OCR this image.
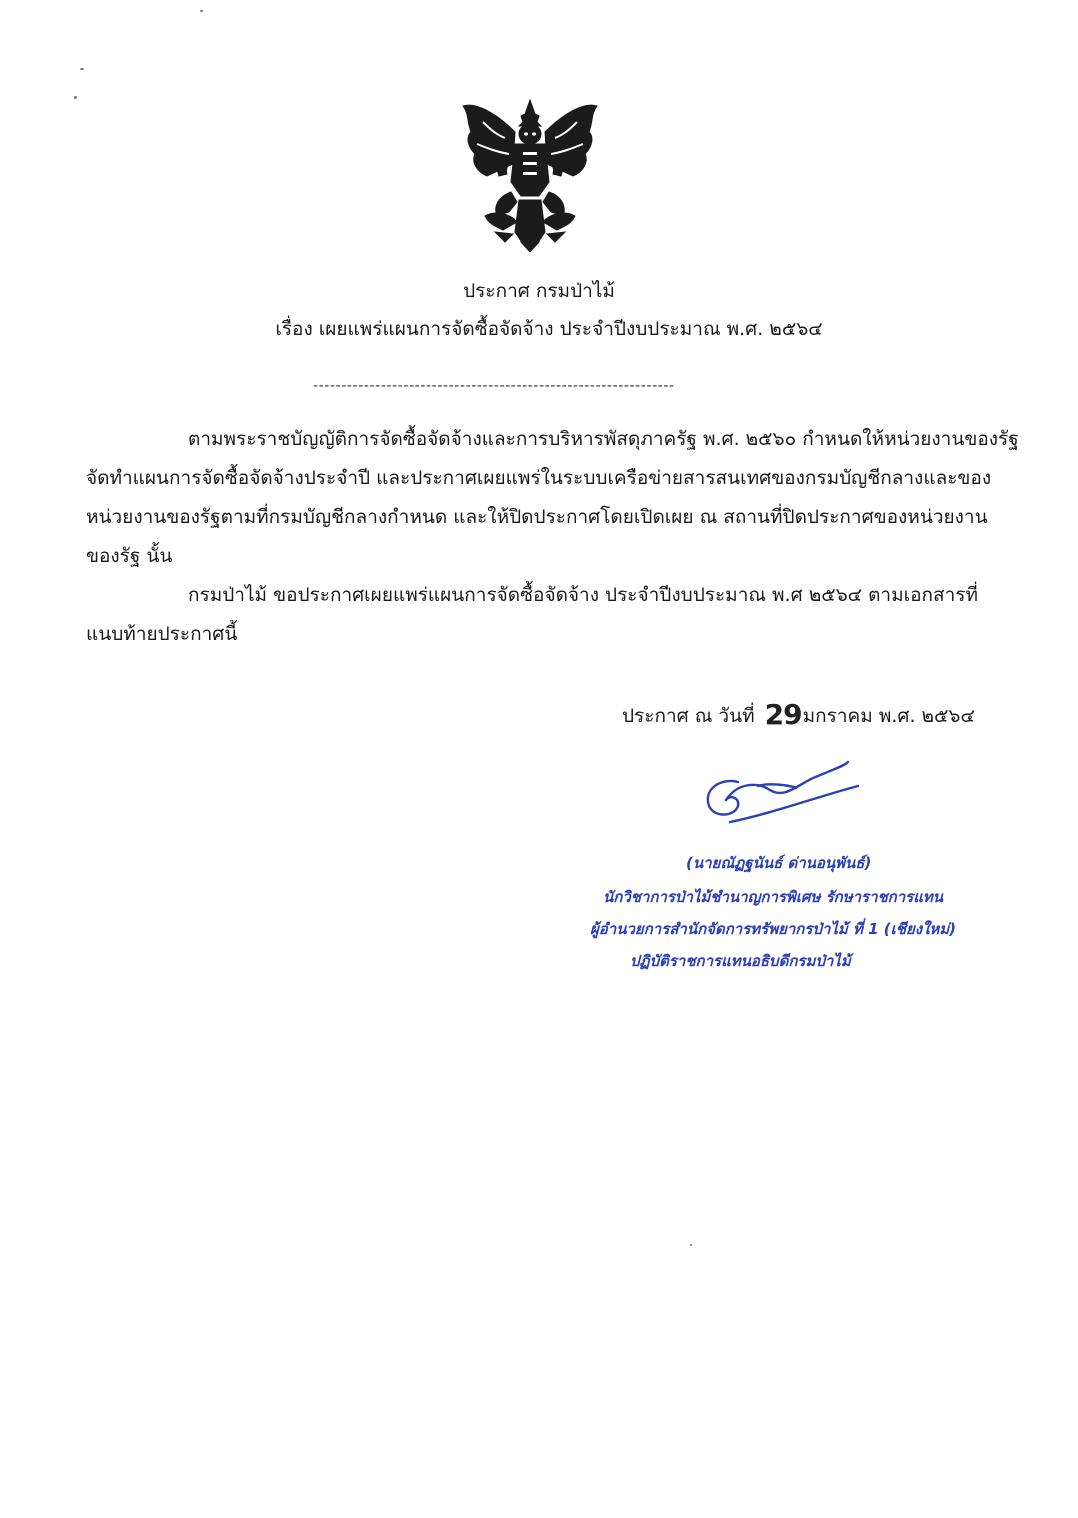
ประกาศ กรมป่าไม้
เรื่อง เผยแพร่แผนการจัดซื้อจัดจ้าง ประจำปีงบประมาณ พ.ศ. ๒๕๖๔
----------------------------------------------------------------
ตามพระราชบัญญัติการจัดซื้อจัดจ้างและการบริหารพัสดุภาครัฐ พ.ศ. ๒๕๖๐ กำหนดให้หน่วยงานของรัฐ
จัดทำแผนการจัดซื้อจัดจ้างประจำปี และประกาศเผยแพร่ในระบบเครือข่ายสารสนเทศของกรมบัญชีกลางและของ
หน่วยงานของรัฐตามที่กรมบัญชีกลางกำหนด และให้ปิดประกาศโดยเปิดเผย ณ สถานที่ปิดประกาศของหน่วยงาน
ของรัฐ นั้น
กรมป่าไม้ ขอประกาศเผยแพร่แผนการจัดซื้อจัดจ้าง ประจำปีงบประมาณ พ.ศ ๒๕๖๔ ตามเอกสารที่
แนบท้ายประกาศนี้
ประกาศ ณ วันที่ 29มกราคม พ.ศ. ๒๕๖๔
(นายณัฏฐนันธ์ ด่านอนุพันธ์)
นักวิชาการป่าไม้ชำนาญการพิเศษ รักษาราชการแทน
ผู้อำนวยการสำนักจัดการทรัพยากรป่าไม้ ที่ 1 (เชียงใหม่)
ปฏิบัติราชการแทนอธิบดีกรมป่าไม้
